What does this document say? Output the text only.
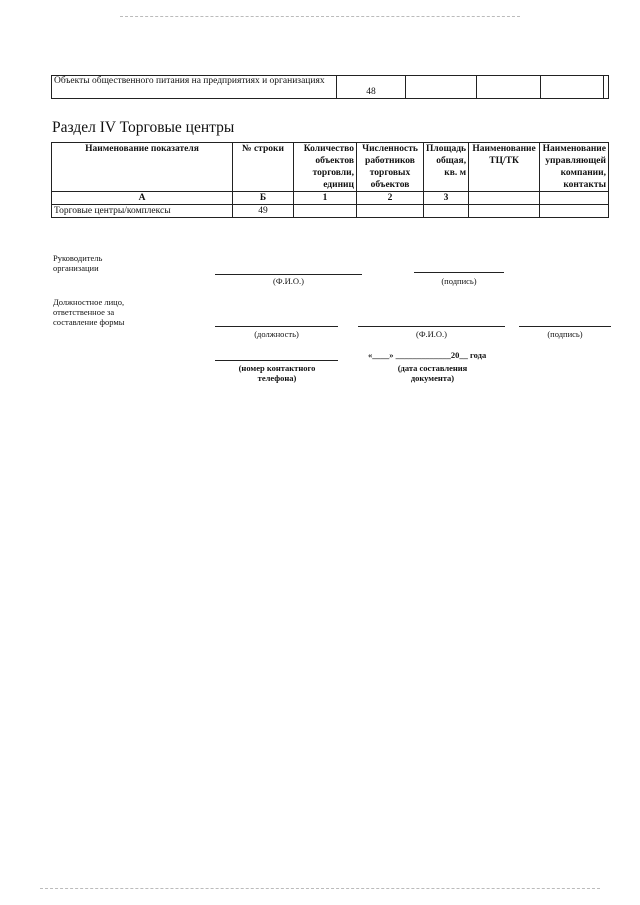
Объекты общественного питания на предприятиях и организациях	48				
Раздел IV Торговые центры
Наименование показателя	№ строки	Количество объектов торговли, единиц	Численность работников торговых объектов	Площадь общая, кв. м	Наименование ТЦ/ТК	Наименование управляющей компании, контакты
А	Б	1	2	3		
Торговые центры/комплексы	49					
Руководитель организации
(Ф.И.О.)	(подпись)
Должностное лицо, ответственное за составление формы
(должность)	(Ф.И.О.)	(подпись)
(номер контактного телефона)
«____» _____________20__ года
(дата составления документа)
